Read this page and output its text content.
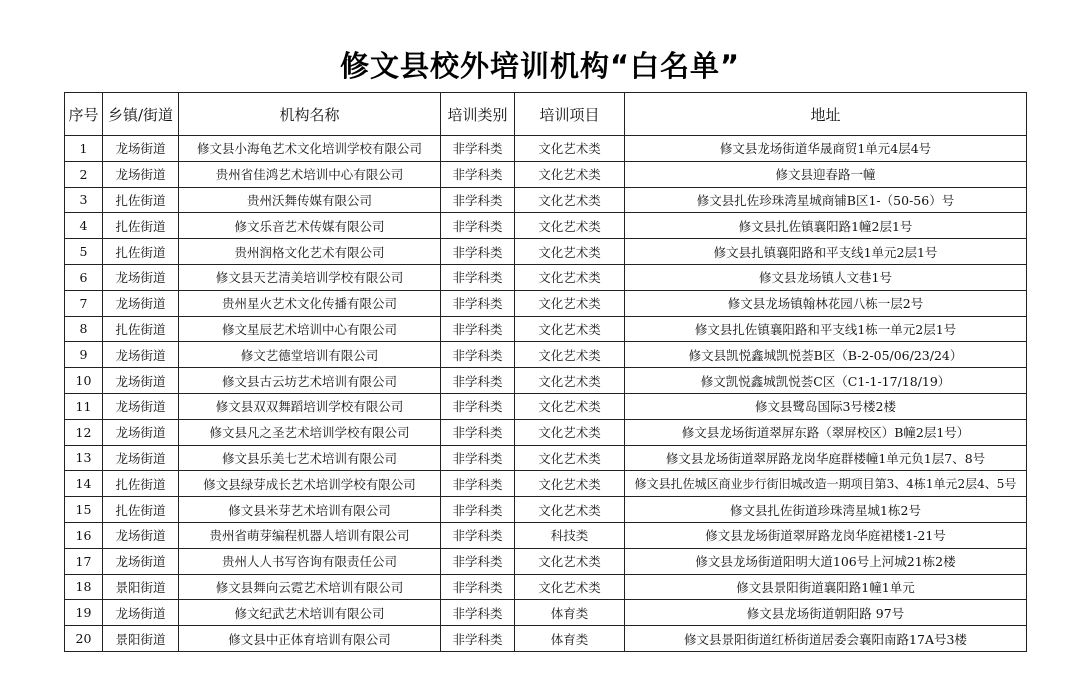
修文县校外培训机构“白名单”
序号	乡镇/街道	机构名称	培训类别	培训项目	地址
1	龙场街道	修文县小海龟艺术文化培训学校有限公司	非学科类	文化艺术类	修文县龙场街道华晟商贸1单元4层4号
2	龙场街道	贵州省佳鸿艺术培训中心有限公司	非学科类	文化艺术类	修文县迎春路一幢
3	扎佐街道	贵州沃舞传媒有限公司	非学科类	文化艺术类	修文县扎佐珍珠湾星城商铺B区1-（50-56）号
4	扎佐街道	修文乐音艺术传媒有限公司	非学科类	文化艺术类	修文县扎佐镇襄阳路1幢2层1号
5	扎佐街道	贵州润格文化艺术有限公司	非学科类	文化艺术类	修文县扎镇襄阳路和平支线1单元2层1号
6	龙场街道	修文县天艺清美培训学校有限公司	非学科类	文化艺术类	修文县龙场镇人文巷1号
7	龙场街道	贵州星火艺术文化传播有限公司	非学科类	文化艺术类	修文县龙场镇翰林花园八栋一层2号
8	扎佐街道	修文星辰艺术培训中心有限公司	非学科类	文化艺术类	修文县扎佐镇襄阳路和平支线1栋一单元2层1号
9	龙场街道	修文艺德堂培训有限公司	非学科类	文化艺术类	修文县凯悦鑫城凯悦荟B区（B-2-05/06/23/24）
10	龙场街道	修文县古云坊艺术培训有限公司	非学科类	文化艺术类	修文凯悦鑫城凯悦荟C区（C1-1-17/18/19）
11	龙场街道	修文县双双舞蹈培训学校有限公司	非学科类	文化艺术类	修文县鹭岛国际3号楼2楼
12	龙场街道	修文县凡之圣艺术培训学校有限公司	非学科类	文化艺术类	修文县龙场街道翠屏东路（翠屏校区）B幢2层1号）
13	龙场街道	修文县乐美七艺术培训有限公司	非学科类	文化艺术类	修文县龙场街道翠屏路龙岗华庭群楼幢1单元负1层7、8号
14	扎佐街道	修文县绿芽成长艺术培训学校有限公司	非学科类	文化艺术类	修文县扎佐城区商业步行街旧城改造一期项目第3、4栋1单元2层4、5号
15	扎佐街道	修文县米芽艺术培训有限公司	非学科类	文化艺术类	修文县扎佐街道珍珠湾星城1栋2号
16	龙场街道	贵州省萌芽编程机器人培训有限公司	非学科类	科技类	修文县龙场街道翠屏路龙岗华庭裙楼1-21号
17	龙场街道	贵州人人书写咨询有限责任公司	非学科类	文化艺术类	修文县龙场街道阳明大道106号上河城21栋2楼
18	景阳街道	修文县舞向云霓艺术培训有限公司	非学科类	文化艺术类	修文县景阳街道襄阳路1幢1单元
19	龙场街道	修文纪武艺术培训有限公司	非学科类	体育类	修文县龙场街道朝阳路 97号
20	景阳街道	修文县中正体育培训有限公司	非学科类	体育类	修文县景阳街道红桥街道居委会襄阳南路17A号3楼
